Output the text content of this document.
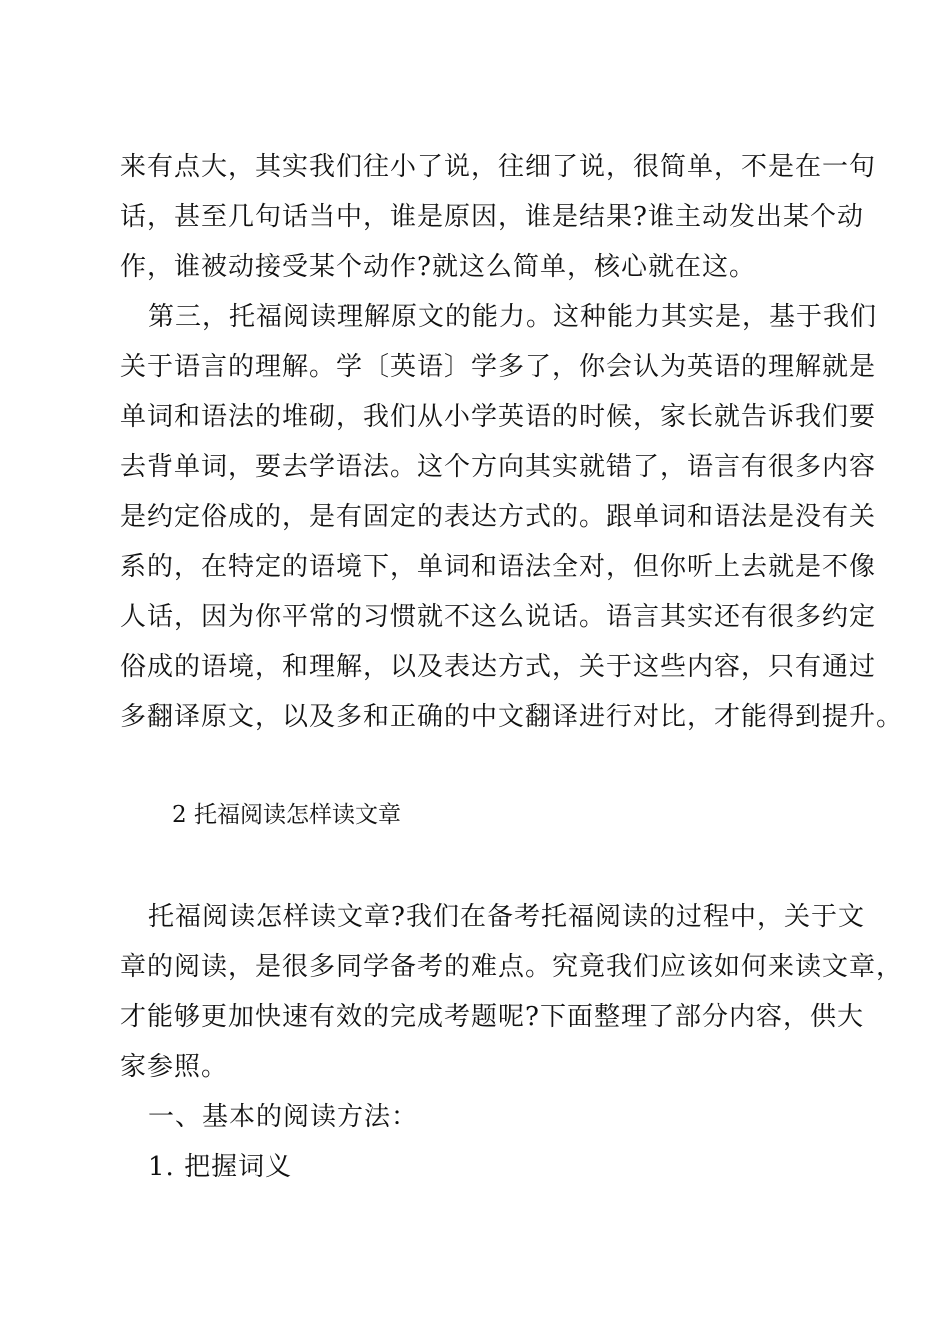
来有点大，其实我们往小了说，往细了说，很简单，不是在一句
话，甚至几句话当中，谁是原因，谁是结果?谁主动发出某个动
作，谁被动接受某个动作?就这么简单，核心就在这。
第三，托福阅读理解原文的能力。这种能力其实是，基于我们
关于语言的理解。学〔英语〕学多了，你会认为英语的理解就是
单词和语法的堆砌，我们从小学英语的时候，家长就告诉我们要
去背单词，要去学语法。这个方向其实就错了，语言有很多内容
是约定俗成的，是有固定的表达方式的。跟单词和语法是没有关
系的，在特定的语境下，单词和语法全对，但你听上去就是不像
人话，因为你平常的习惯就不这么说话。语言其实还有很多约定
俗成的语境，和理解，以及表达方式，关于这些内容，只有通过
多翻译原文，以及多和正确的中文翻译进行对比，才能得到提升。
2 托福阅读怎样读文章
托福阅读怎样读文章?我们在备考托福阅读的过程中，关于文
章的阅读，是很多同学备考的难点。究竟我们应该如何来读文章，
才能够更加快速有效的完成考题呢?下面整理了部分内容，供大
家参照。
一、基本的阅读方法：
1. 把握词义
